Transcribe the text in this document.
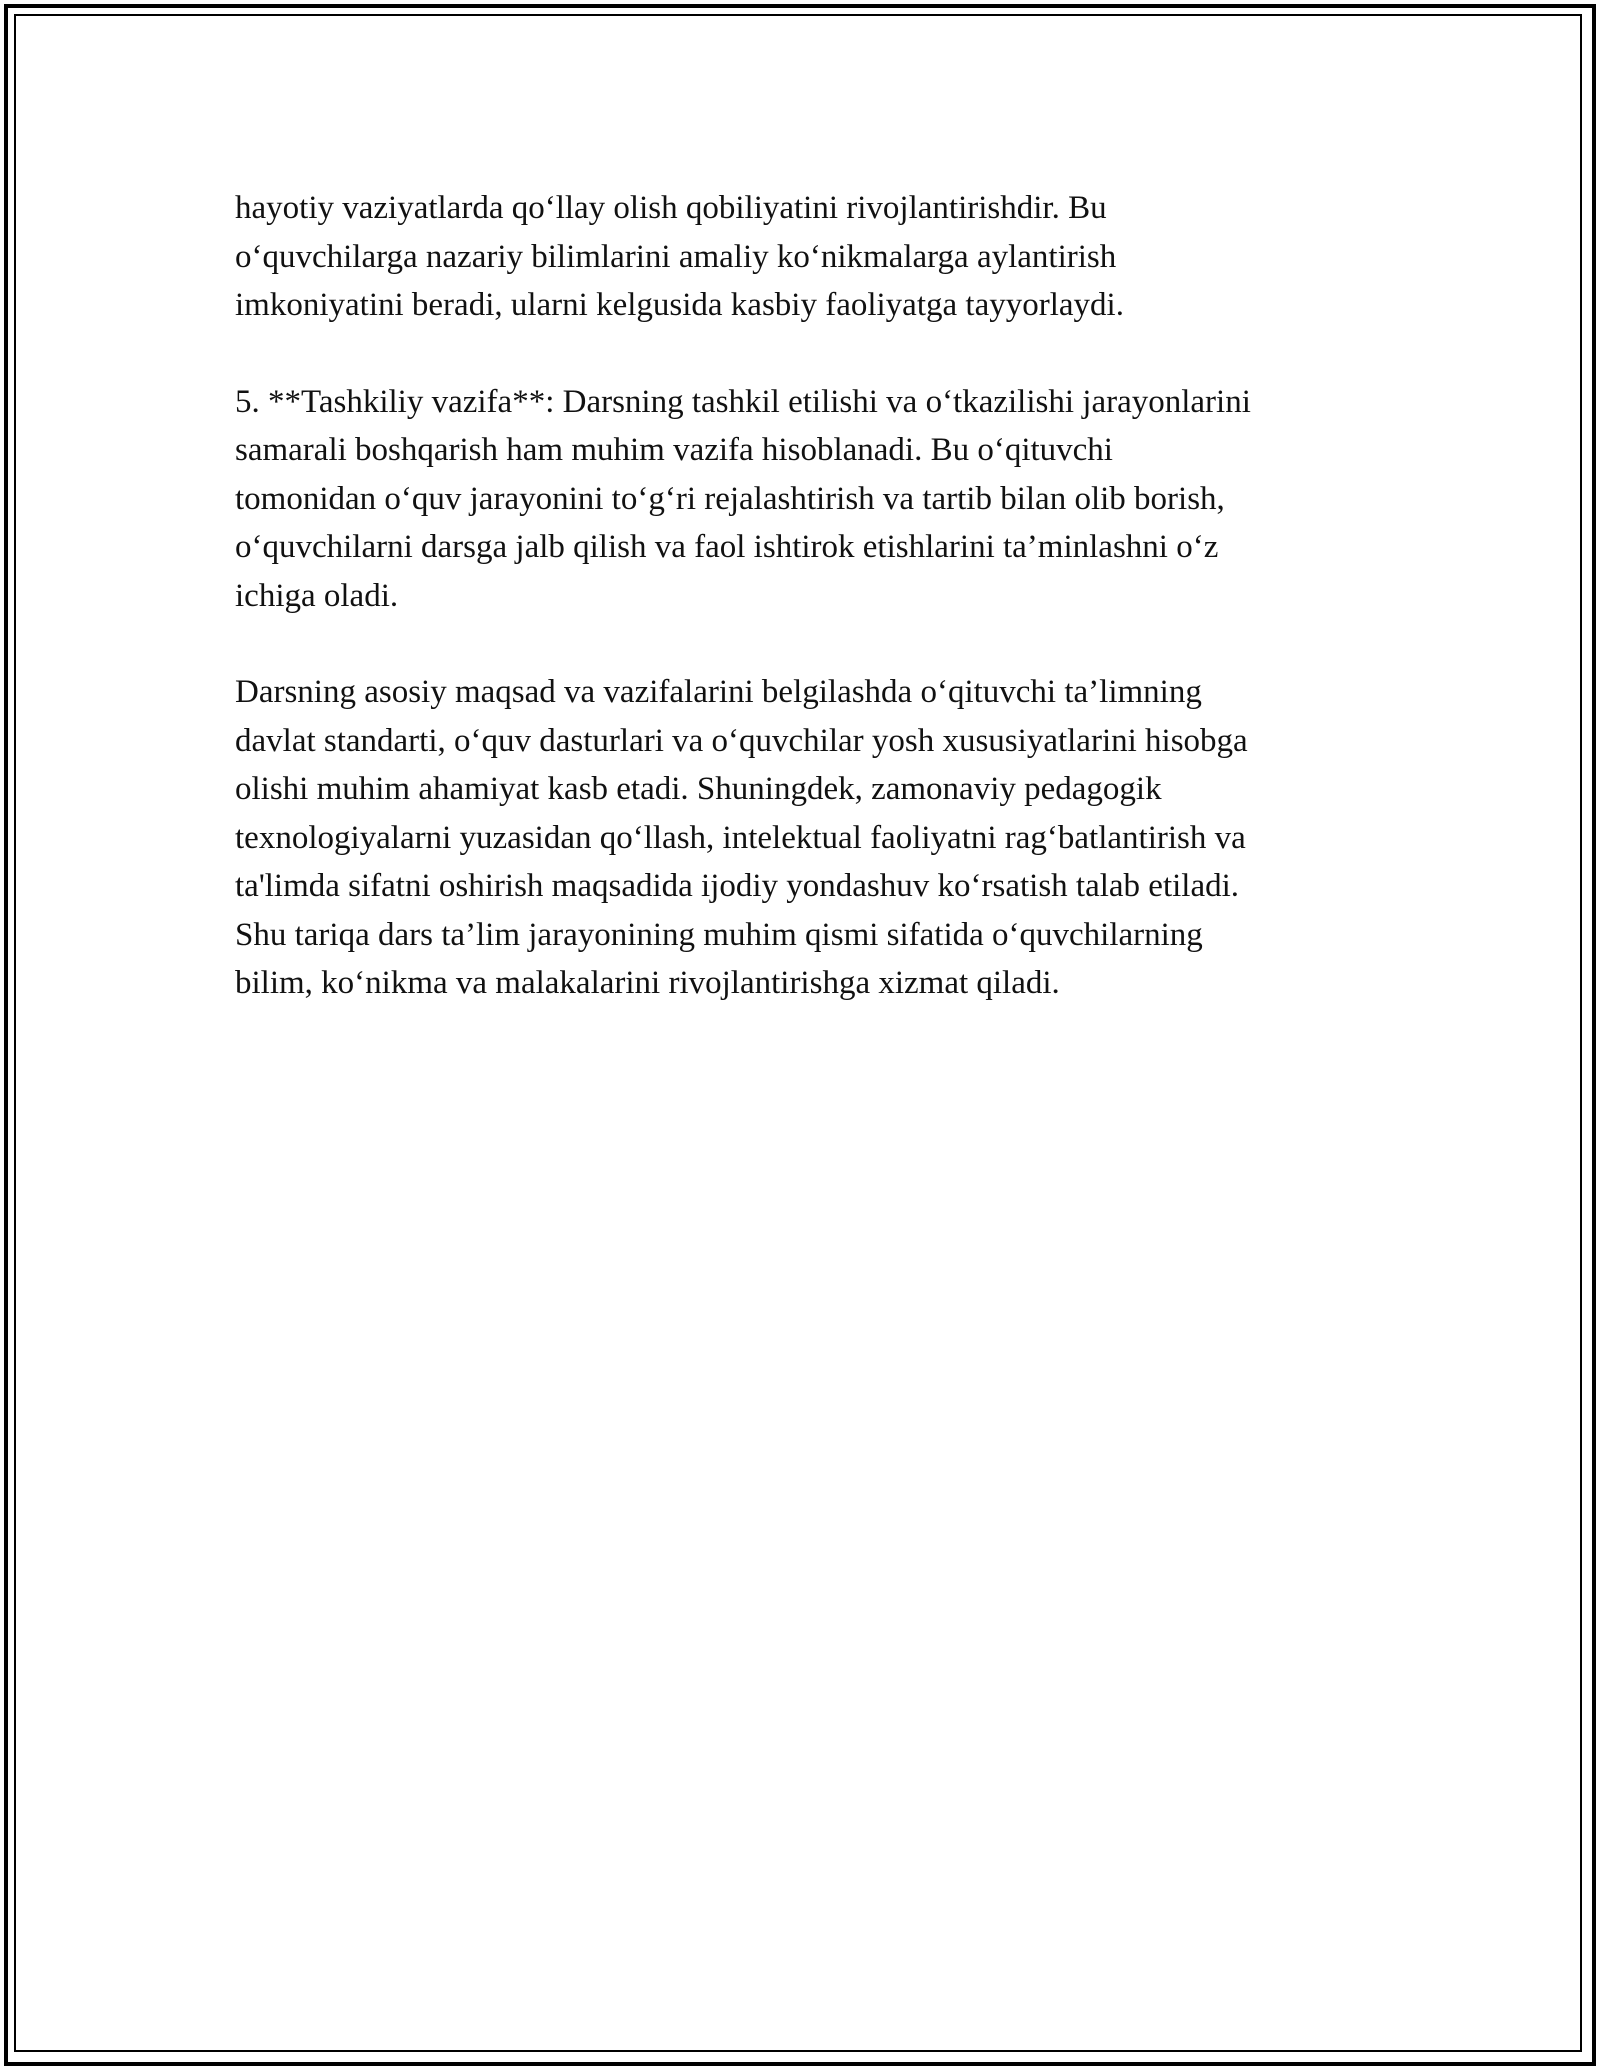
hayotiy vaziyatlarda qo‘llay olish qobiliyatini rivojlantirishdir. Bu
o‘quvchilarga nazariy bilimlarini amaliy ko‘nikmalarga aylantirish
imkoniyatini beradi, ularni kelgusida kasbiy faoliyatga tayyorlaydi.

5. **Tashkiliy vazifa**: Darsning tashkil etilishi va o‘tkazilishi jarayonlarini
samarali boshqarish ham muhim vazifa hisoblanadi. Bu o‘qituvchi
tomonidan o‘quv jarayonini to‘g‘ri rejalashtirish va tartib bilan olib borish,
o‘quvchilarni darsga jalb qilish va faol ishtirok etishlarini ta’minlashni o‘z
ichiga oladi.

Darsning asosiy maqsad va vazifalarini belgilashda o‘qituvchi ta’limning
davlat standarti, o‘quv dasturlari va o‘quvchilar yosh xususiyatlarini hisobga
olishi muhim ahamiyat kasb etadi. Shuningdek, zamonaviy pedagogik
texnologiyalarni yuzasidan qo‘llash, intelektual faoliyatni rag‘batlantirish va
ta'limda sifatni oshirish maqsadida ijodiy yondashuv ko‘rsatish talab etiladi.
Shu tariqa dars ta’lim jarayonining muhim qismi sifatida o‘quvchilarning
bilim, ko‘nikma va malakalarini rivojlantirishga xizmat qiladi.
